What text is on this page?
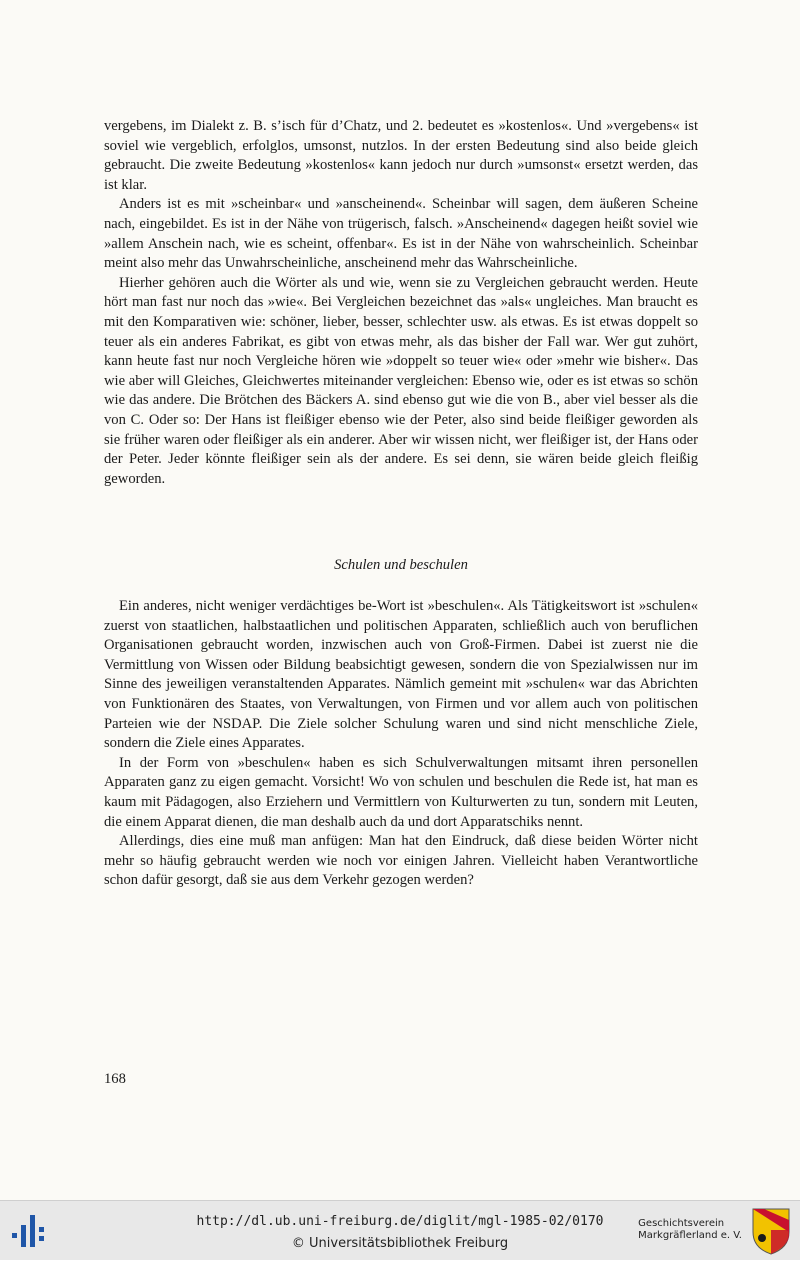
vergebens, im Dialekt z. B. s’isch für d’Chatz, und 2. bedeutet es »kostenlos«. Und »vergebens« ist soviel wie vergeblich, erfolglos, umsonst, nutzlos. In der ersten Bedeutung sind also beide gleich gebraucht. Die zweite Bedeutung »kostenlos« kann jedoch nur durch »umsonst« ersetzt werden, das ist klar.

Anders ist es mit »scheinbar« und »anscheinend«. Scheinbar will sagen, dem äußeren Scheine nach, eingebildet. Es ist in der Nähe von trügerisch, falsch. »Anscheinend« dagegen heißt soviel wie »allem Anschein nach, wie es scheint, offenbar«. Es ist in der Nähe von wahrscheinlich. Scheinbar meint also mehr das Unwahrscheinliche, anscheinend mehr das Wahrscheinliche.

Hierher gehören auch die Wörter als und wie, wenn sie zu Vergleichen gebraucht werden. Heute hört man fast nur noch das »wie«. Bei Vergleichen bezeichnet das »als« ungleiches. Man braucht es mit den Komparativen wie: schöner, lieber, besser, schlechter usw. als etwas. Es ist etwas doppelt so teuer als ein anderes Fabrikat, es gibt von etwas mehr, als das bisher der Fall war. Wer gut zuhört, kann heute fast nur noch Vergleiche hören wie »doppelt so teuer wie« oder »mehr wie bisher«. Das wie aber will Gleiches, Gleichwertes miteinander vergleichen: Ebenso wie, oder es ist etwas so schön wie das andere. Die Brötchen des Bäckers A. sind ebenso gut wie die von B., aber viel besser als die von C. Oder so: Der Hans ist fleißiger ebenso wie der Peter, also sind beide fleißiger geworden als sie früher waren oder fleißiger als ein anderer. Aber wir wissen nicht, wer fleißiger ist, der Hans oder der Peter. Jeder könnte fleißiger sein als der andere. Es sei denn, sie wären beide gleich fleißig geworden.

Schulen und beschulen

Ein anderes, nicht weniger verdächtiges be-Wort ist »beschulen«. Als Tätigkeitswort ist »schulen« zuerst von staatlichen, halbstaatlichen und politischen Apparaten, schließlich auch von beruflichen Organisationen gebraucht worden, inzwischen auch von Groß-Firmen. Dabei ist zuerst nie die Vermittlung von Wissen oder Bildung beabsichtigt gewesen, sondern die von Spezialwissen nur im Sinne des jeweiligen veranstaltenden Apparates. Nämlich gemeint mit »schulen« war das Abrichten von Funktionären des Staates, von Verwaltungen, von Firmen und vor allem auch von politischen Parteien wie der NSDAP. Die Ziele solcher Schulung waren und sind nicht menschliche Ziele, sondern die Ziele eines Apparates.

In der Form von »beschulen« haben es sich Schulverwaltungen mitsamt ihren personellen Apparaten ganz zu eigen gemacht. Vorsicht! Wo von schulen und beschulen die Rede ist, hat man es kaum mit Pädagogen, also Erziehern und Vermittlern von Kulturwerten zu tun, sondern mit Leuten, die einem Apparat dienen, die man deshalb auch da und dort Apparatschiks nennt.

Allerdings, dies eine muß man anfügen: Man hat den Eindruck, daß diese beiden Wörter nicht mehr so häufig gebraucht werden wie noch vor einigen Jahren. Vielleicht haben Verantwortliche schon dafür gesorgt, daß sie aus dem Verkehr gezogen werden?

168
http://dl.ub.uni-freiburg.de/diglit/mgl-1985-02/0170
© Universitätsbibliothek Freiburg
Geschichtsverein
Markgräflerland e. V.
